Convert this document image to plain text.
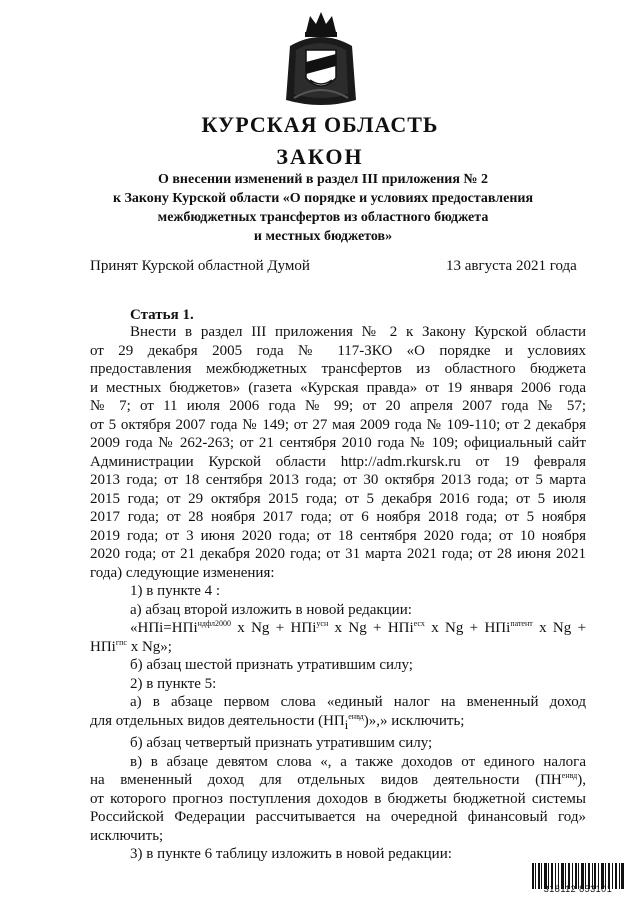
КУРСКАЯ ОБЛАСТЬ
ЗАКОН
О внесении изменений в раздел III приложения № 2
к Закону Курской области «О порядке и условиях предоставления
межбюджетных трансфертов из областного бюджета
и местных бюджетов»
Принят Курской областной Думой	13 августа 2021 года
Статья 1.
Внести в раздел III приложения № 2 к Закону Курской области
от 29 декабря 2005 года № 117-ЗКО «О порядке и условиях
предоставления межбюджетных трансфертов из областного бюджета
и местных бюджетов» (газета «Курская правда» от 19 января 2006 года
№ 7; от 11 июля 2006 года № 99; от 20 апреля 2007 года № 57;
от 5 октября 2007 года № 149; от 27 мая 2009 года № 109-110; от 2 декабря
2009 года № 262-263; от 21 сентября 2010 года № 109; официальный сайт
Администрации Курской области http://adm.rkursk.ru от 19 февраля
2013 года; от 18 сентября 2013 года; от 30 октября 2013 года; от 5 марта
2015 года; от 29 октября 2015 года; от 5 декабря 2016 года; от 5 июля
2017 года; от 28 ноября 2017 года; от 6 ноября 2018 года; от 5 ноября
2019 года; от 3 июня 2020 года; от 18 сентября 2020 года; от 10 ноября
2020 года; от 21 декабря 2020 года; от 31 марта 2021 года; от 28 июня 2021
года) следующие изменения:
1) в пункте 4 :
а) абзац второй изложить в новой редакции:
«НПi=НПi$^{ндфл2000}$ x Ng + НПi$^{усн}$ x Ng + НПi$^{есх}$ x Ng + НПi$^{патент}$ x Ng +
НПi$^{гпс}$ x Ng»;
б) абзац шестой признать утратившим силу;
2) в пункте 5:
а) в абзаце первом слова «единый налог на вмененный доход
для отдельных видов деятельности $(НП_i^{енвд})$»,» исключить;
б) абзац четвертый признать утратившим силу;
в) в абзаце девятом слова «, а также доходов от единого налога
на вмененный доход для отдельных видов деятельности $(ПН^{енвд})$,
от которого прогноз поступления доходов в бюджеты бюджетной системы
Российской Федерации рассчитывается на очередной финансовый год»
исключить;
3) в пункте 6 таблицу изложить в новой редакции:
318112 853101
